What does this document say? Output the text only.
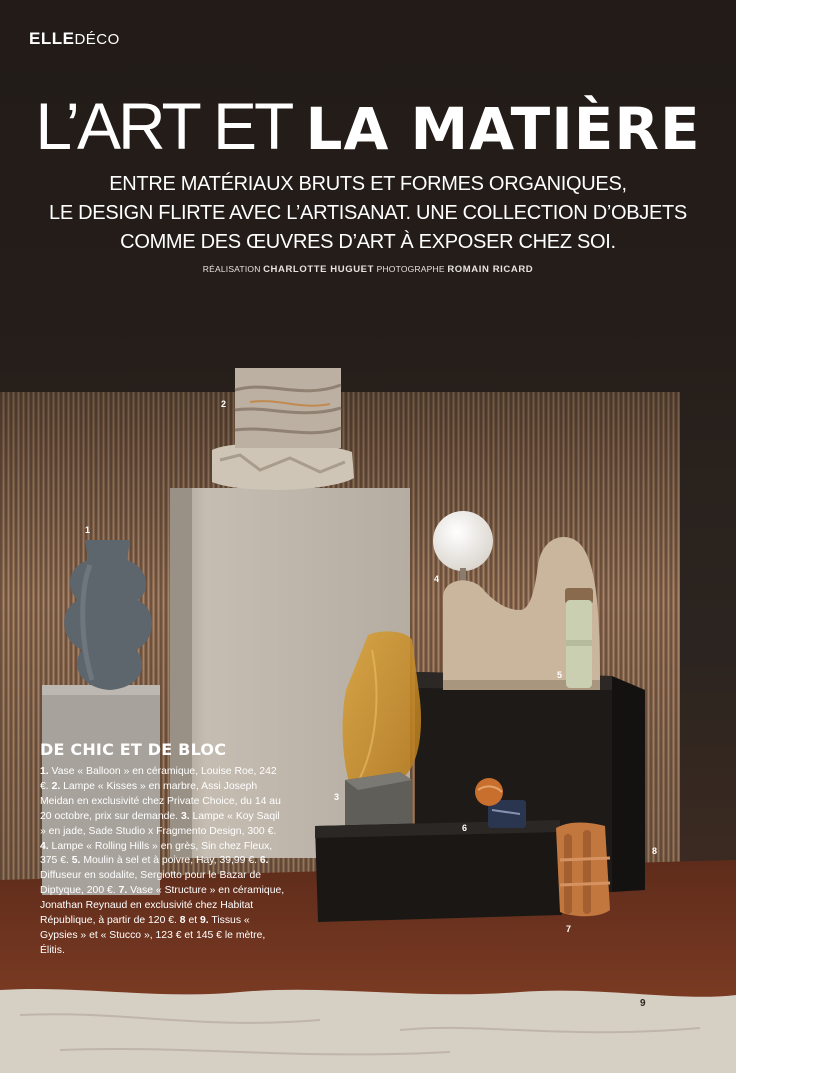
ELLEDÉCO
L’ART ET LA MATIÈRE
ENTRE MATÉRIAUX BRUTS ET FORMES ORGANIQUES,
LE DESIGN FLIRTE AVEC L’ARTISANAT. UNE COLLECTION D’OBJETS
COMME DES ŒUVRES D’ART À EXPOSER CHEZ SOI.
RÉALISATION CHARLOTTE HUGUET PHOTOGRAPHE ROMAIN RICARD
1
2
3
4
5
6
7
8
DE CHIC ET DE BLOC
1. Vase « Balloon » en céramique, Louise Roe, 242 €. 2. Lampe « Kisses » en marbre, Assi Joseph Meidan en exclusivité chez Private Choice, du 14 au 20 octobre, prix sur demande. 3. Lampe « Koy Saqil » en jade, Sade Studio x Fragmento Design, 300 €. 4. Lampe « Rolling Hills » en grès, Sin chez Fleux, 375 €. 5. Moulin à sel et à poivre, Hay, 39,99 €. 6. Diffuseur en sodalite, Sergiotto pour le Bazar de Diptyque, 200 €. 7. Vase « Structure » en céramique, Jonathan Reynaud en exclusivité chez Habitat République, à partir de 120 €. 8 et 9. Tissus « Gypsies » et « Stucco », 123 € et 145 € le mètre, Élitis.
9
